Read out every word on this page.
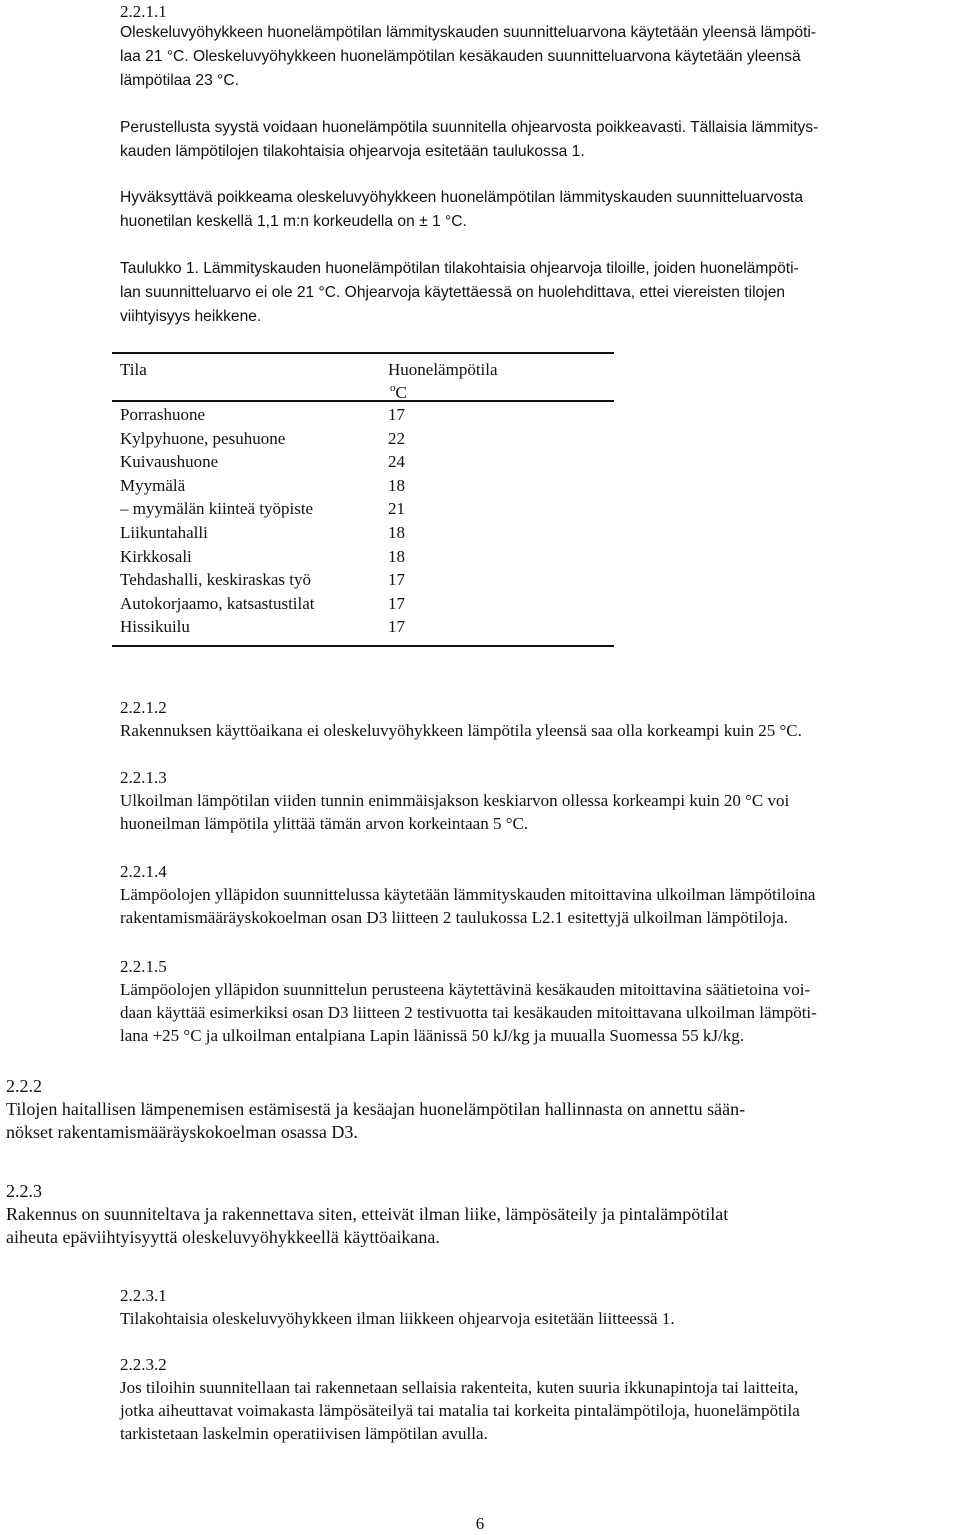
2.2.1.1
Oleskeluvyöhykkeen huonelämpötilan lämmityskauden suunnitteluarvona käytetään yleensä lämpöti-
laa 21 °C. Oleskeluvyöhykkeen huonelämpötilan kesäkauden suunnitteluarvona käytetään yleensä
lämpötilaa 23 °C.
Perustellusta syystä voidaan huonelämpötila suunnitella ohjearvosta poikkeavasti. Tällaisia lämmitys-
kauden lämpötilojen tilakohtaisia ohjearvoja esitetään taulukossa 1.
Hyväksyttävä poikkeama oleskeluvyöhykkeen huonelämpötilan lämmityskauden suunnitteluarvosta
huonetilan keskellä 1,1 m:n korkeudella on ± 1 °C.
Taulukko 1. Lämmityskauden huonelämpötilan tilakohtaisia ohjearvoja tiloille, joiden huonelämpöti-
lan suunnitteluarvo ei ole 21 °C. Ohjearvoja käytettäessä on huolehdittava, ettei viereisten tilojen
viihtyisyys heikkene.
Tila	Huonelämpötila
$^o$C
Porrashuone	17
Kylpyhuone, pesuhuone	22
Kuivaushuone	24
Myymälä	18
– myymälän kiinteä työpiste	21
Liikuntahalli	18
Kirkkosali	18
Tehdashalli, keskiraskas työ	17
Autokorjaamo, katsastustilat	17
Hissikuilu	17
2.2.1.2
Rakennuksen käyttöaikana ei oleskeluvyöhykkeen lämpötila yleensä saa olla korkeampi kuin 25 °C.
2.2.1.3
Ulkoilman lämpötilan viiden tunnin enimmäisjakson keskiarvon ollessa korkeampi kuin 20 °C voi
huoneilman lämpötila ylittää tämän arvon korkeintaan 5 °C.
2.2.1.4
Lämpöolojen ylläpidon suunnittelussa käytetään lämmityskauden mitoittavina ulkoilman lämpötiloina
rakentamismääräyskokoelman osan D3 liitteen 2 taulukossa L2.1 esitettyjä ulkoilman lämpötiloja.
2.2.1.5
Lämpöolojen ylläpidon suunnittelun perusteena käytettävinä kesäkauden mitoittavina säätietoina voi-
daan käyttää esimerkiksi osan D3 liitteen 2 testivuotta tai kesäkauden mitoittavana ulkoilman lämpöti-
lana +25 °C ja ulkoilman entalpiana Lapin läänissä 50 kJ/kg ja muualla Suomessa 55 kJ/kg.
2.2.2
Tilojen haitallisen lämpenemisen estämisestä ja kesäajan huonelämpötilan hallinnasta on annettu sään-
nökset rakentamismääräyskokoelman osassa D3.
2.2.3
Rakennus on suunniteltava ja rakennettava siten, etteivät ilman liike, lämpösäteily ja pintalämpötilat
aiheuta epäviihtyisyyttä oleskeluvyöhykkeellä käyttöaikana.
2.2.3.1
Tilakohtaisia oleskeluvyöhykkeen ilman liikkeen ohjearvoja esitetään liitteessä 1.
2.2.3.2
Jos tiloihin suunnitellaan tai rakennetaan sellaisia rakenteita, kuten suuria ikkunapintoja tai laitteita,
jotka aiheuttavat voimakasta lämpösäteilyä tai matalia tai korkeita pintalämpötiloja, huonelämpötila
tarkistetaan laskelmin operatiivisen lämpötilan avulla.
6
